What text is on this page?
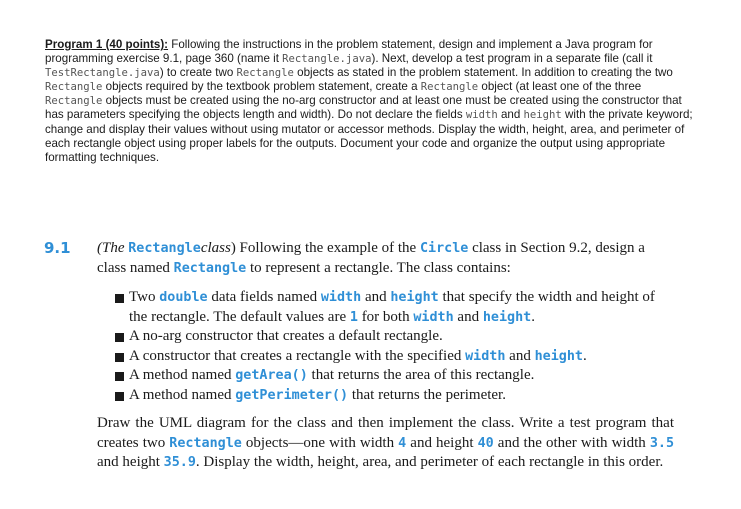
Program 1 (40 points): Following the instructions in the problem statement, design and implement a Java program for programming exercise 9.1, page 360 (name it Rectangle.java). Next, develop a test program in a separate file (call it TestRectangle.java) to create two Rectangle objects as stated in the problem statement. In addition to creating the two Rectangle objects required by the textbook problem statement, create a Rectangle object (at least one of the three Rectangle objects must be created using the no-arg constructor and at least one must be created using the constructor that has parameters specifying the objects length and width). Do not declare the fields width and height with the private keyword; change and display their values without using mutator or accessor methods. Display the width, height, area, and perimeter of each rectangle object using proper labels for the outputs. Document your code and organize the output using appropriate formatting techniques.
9.1 (The Rectangleclass) Following the example of the Circle class in Section 9.2, design a class named Rectangle to represent a rectangle. The class contains:
Two double data fields named width and height that specify the width and height of the rectangle. The default values are 1 for both width and height.
A no-arg constructor that creates a default rectangle.
A constructor that creates a rectangle with the specified width and height.
A method named getArea() that returns the area of this rectangle.
A method named getPerimeter() that returns the perimeter.
Draw the UML diagram for the class and then implement the class. Write a test program that creates two Rectangle objects—one with width 4 and height 40 and the other with width 3.5 and height 35.9. Display the width, height, area, and perimeter of each rectangle in this order.
